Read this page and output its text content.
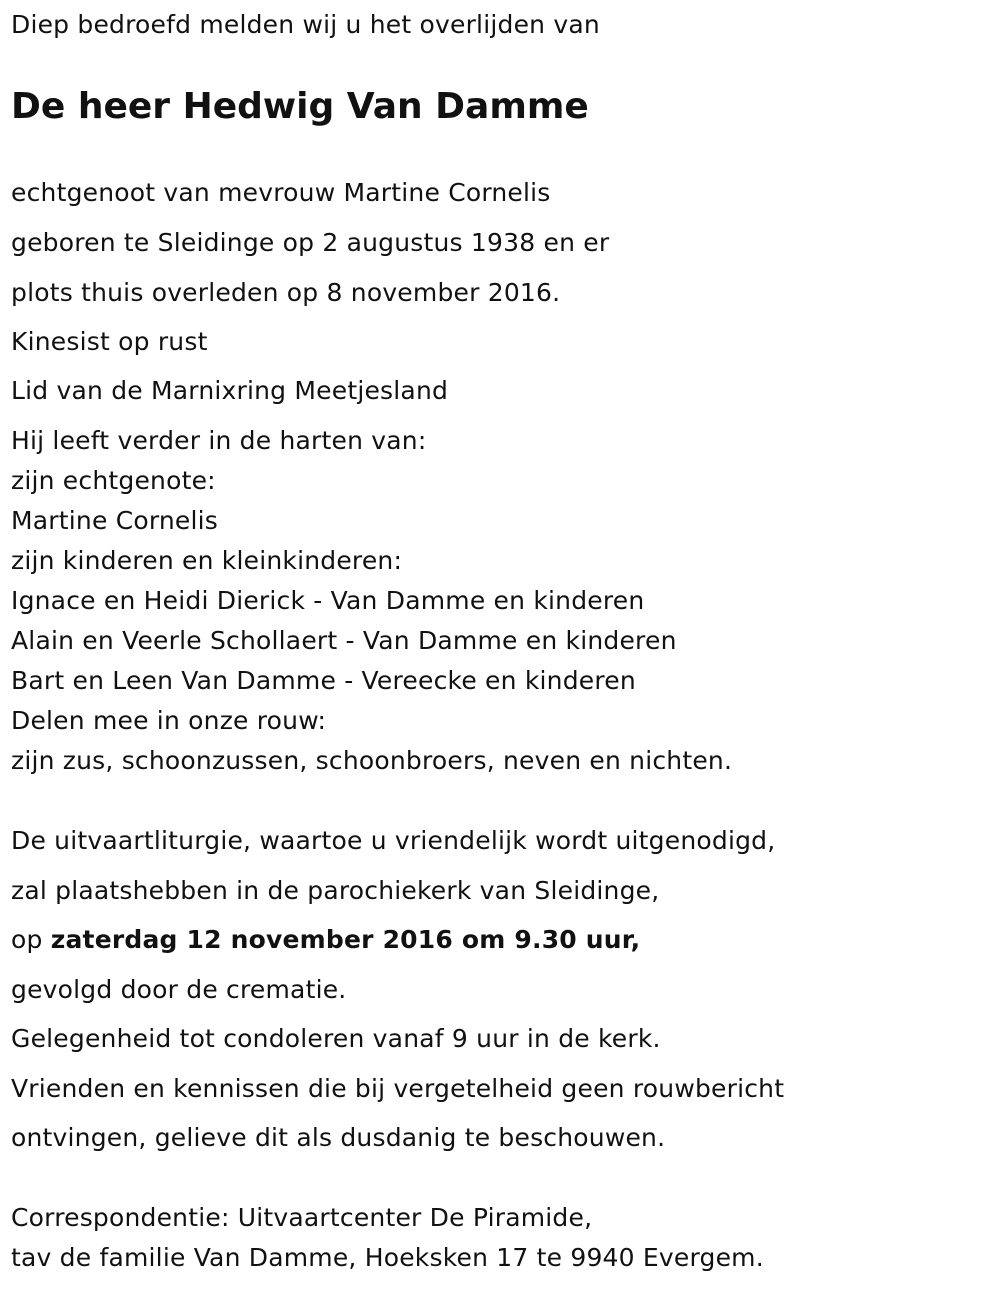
Diep bedroefd melden wij u het overlijden van
De heer Hedwig Van Damme
echtgenoot van mevrouw Martine Cornelis
geboren te Sleidinge op 2 augustus 1938 en er
plots thuis overleden op 8 november 2016.
Kinesist op rust
Lid van de Marnixring Meetjesland
Hij leeft verder in de harten van:
zijn echtgenote:
Martine Cornelis
zijn kinderen en kleinkinderen:
Ignace en Heidi Dierick - Van Damme en kinderen
Alain en Veerle Schollaert - Van Damme en kinderen
Bart en Leen Van Damme - Vereecke en kinderen
Delen mee in onze rouw:
zijn zus, schoonzussen, schoonbroers, neven en nichten.
De uitvaartliturgie, waartoe u vriendelijk wordt uitgenodigd,
zal plaatshebben in de parochiekerk van Sleidinge,
op zaterdag 12 november 2016 om 9.30 uur,
gevolgd door de crematie.
Gelegenheid tot condoleren vanaf 9 uur in de kerk.
Vrienden en kennissen die bij vergetelheid geen rouwbericht
ontvingen, gelieve dit als dusdanig te beschouwen.
Correspondentie: Uitvaartcenter De Piramide,
tav de familie Van Damme, Hoeksken 17 te 9940 Evergem.
